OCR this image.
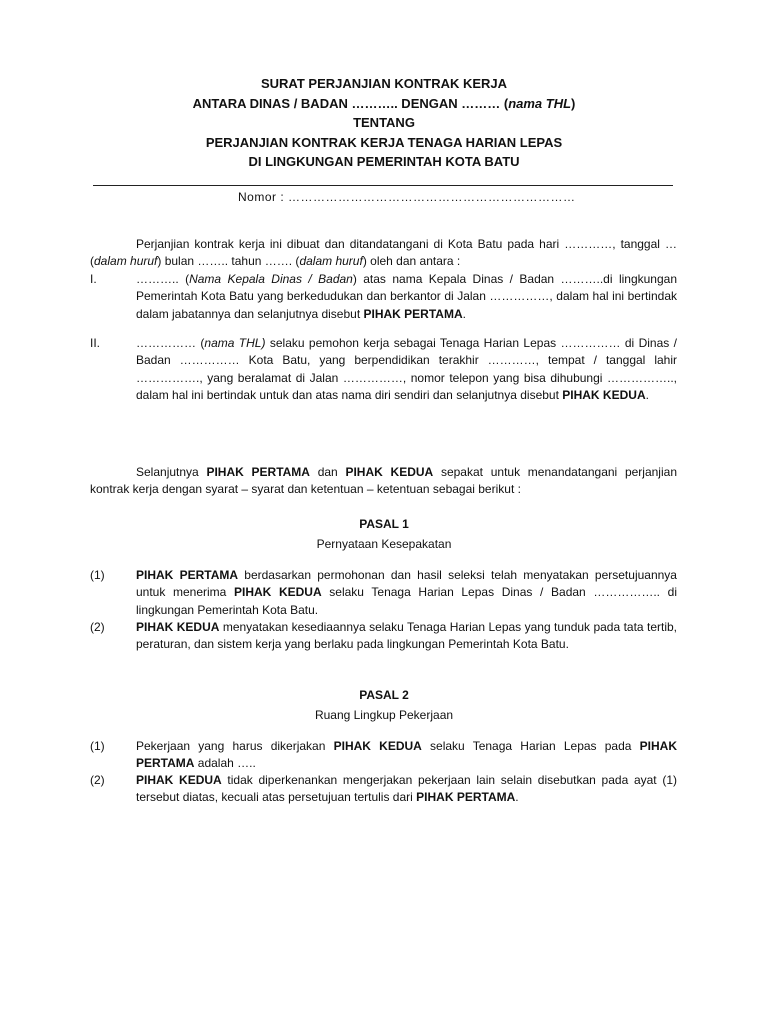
SURAT PERJANJIAN KONTRAK KERJA
ANTARA DINAS / BADAN ……….. DENGAN ……… (nama THL)
TENTANG
PERJANJIAN KONTRAK KERJA TENAGA HARIAN LEPAS
DI LINGKUNGAN PEMERINTAH KOTA BATU
Nomor : ……………………………………………………………
Perjanjian kontrak kerja ini dibuat dan ditandatangani di Kota Batu pada hari …………, tanggal … (dalam huruf) bulan …….. tahun ……. (dalam huruf) oleh dan antara :
I.	……….. (Nama Kepala Dinas / Badan) atas nama Kepala Dinas / Badan ………..di lingkungan Pemerintah Kota Batu yang berkedudukan dan berkantor di Jalan ……………, dalam hal ini bertindak dalam jabatannya dan selanjutnya disebut PIHAK PERTAMA.
II.	…………… (nama THL) selaku pemohon kerja sebagai Tenaga Harian Lepas …………… di Dinas / Badan …………… Kota Batu, yang berpendidikan terakhir …………, tempat / tanggal lahir ……………., yang beralamat di Jalan ……………, nomor telepon yang bisa dihubungi …………….., dalam hal ini bertindak untuk dan atas nama diri sendiri dan selanjutnya disebut PIHAK KEDUA.
Selanjutnya PIHAK PERTAMA dan PIHAK KEDUA sepakat untuk menandatangani perjanjian kontrak kerja dengan syarat – syarat dan ketentuan – ketentuan sebagai berikut :
PASAL 1
Pernyataan Kesepakatan
(1)	PIHAK PERTAMA berdasarkan permohonan dan hasil seleksi telah menyatakan persetujuannya untuk menerima PIHAK KEDUA selaku Tenaga Harian Lepas Dinas / Badan …………….. di lingkungan Pemerintah Kota Batu.
(2)	PIHAK KEDUA menyatakan kesediaannya selaku Tenaga Harian Lepas yang tunduk pada tata tertib, peraturan, dan sistem kerja yang berlaku pada lingkungan Pemerintah Kota Batu.
PASAL 2
Ruang Lingkup Pekerjaan
(1)	Pekerjaan yang harus dikerjakan PIHAK KEDUA selaku Tenaga Harian Lepas pada PIHAK PERTAMA adalah …..
(2)	PIHAK KEDUA tidak diperkenankan mengerjakan pekerjaan lain selain disebutkan pada ayat (1) tersebut diatas, kecuali atas persetujuan tertulis dari PIHAK PERTAMA.
